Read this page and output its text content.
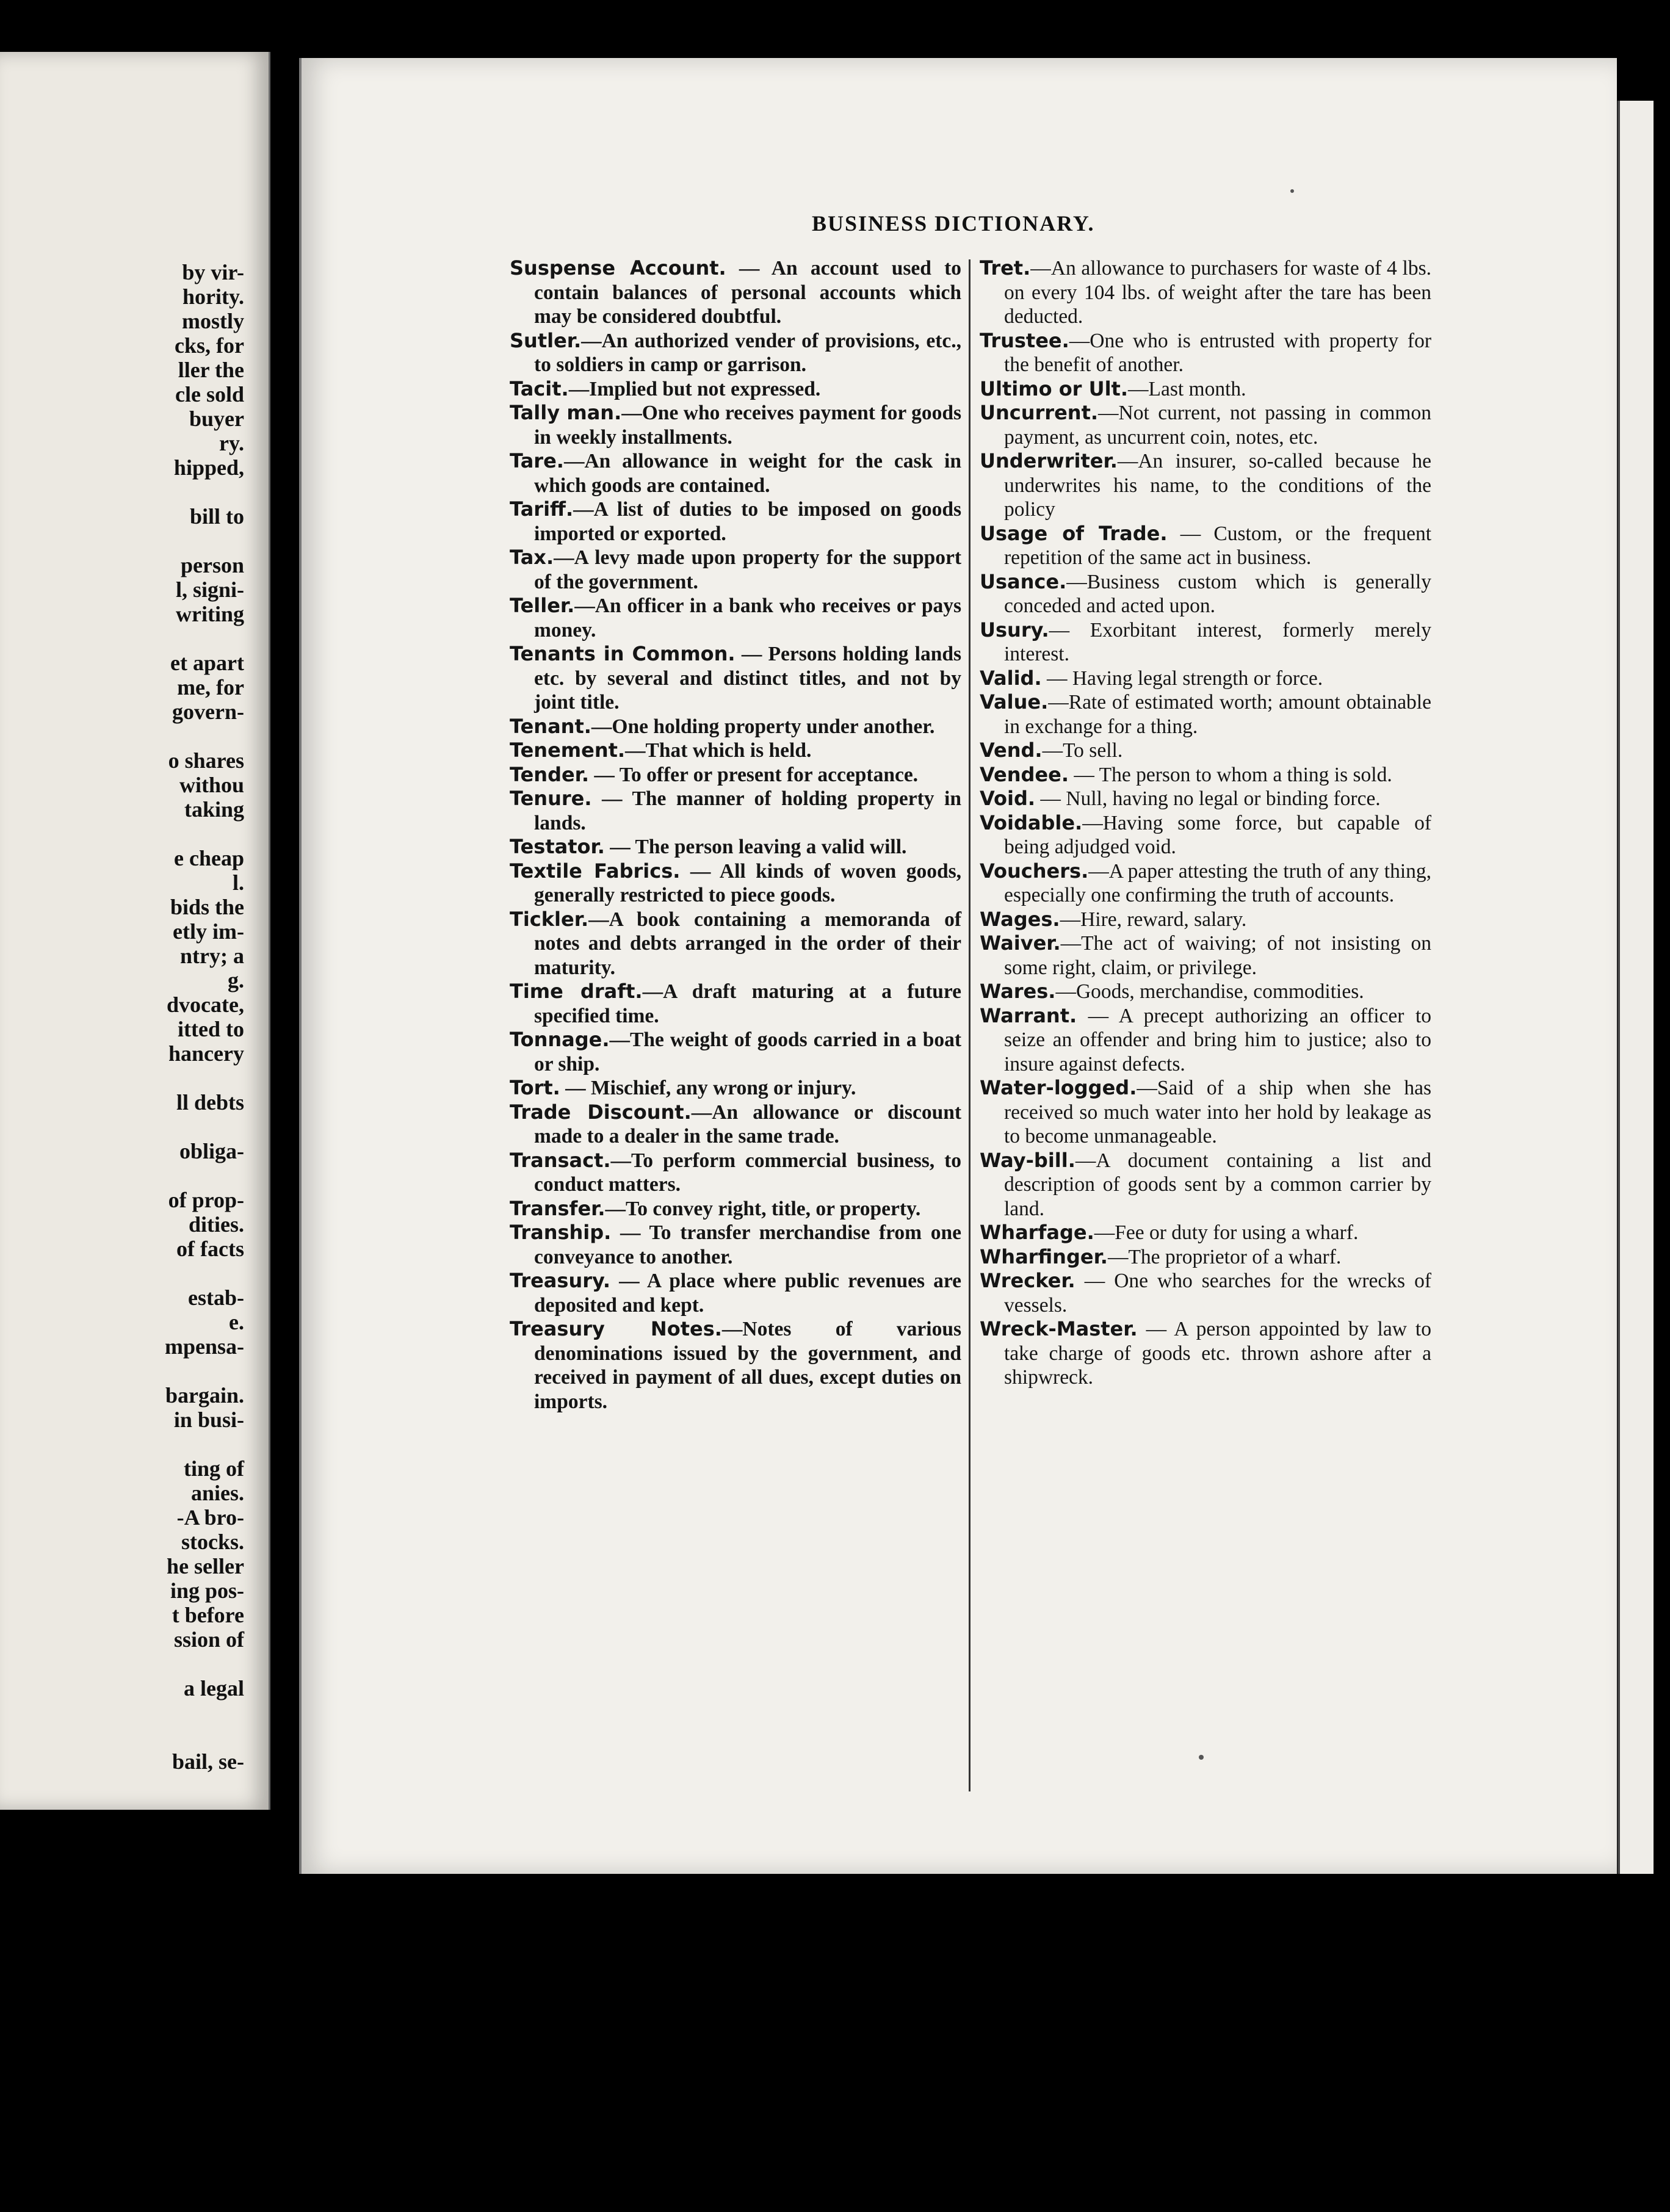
by vir-
hority.
mostly
cks, for
ller the
cle sold
buyer
ry.
hipped,
bill to
person
l, signi-
writing
et apart
me, for
govern-
o shares
withou
taking
e cheap
l.
bids the
etly im-
ntry; a
g.
dvocate,
itted to
hancery
ll debts
obliga-
of prop-
dities.
of facts
estab-
e.
mpensa-
bargain.
in busi-
ting of
anies.
-A bro-
stocks.
he seller
ing pos-
t before
ssion of
a legal
bail, se-
BUSINESS DICTIONARY.

Suspense Account. — An account used to contain balances of personal accounts which may be considered doubtful.

Sutler.—An authorized vender of provisions, etc., to soldiers in camp or garrison.

Tacit.—Implied but not expressed.

Tally man.—One who receives payment for goods in weekly installments.

Tare.—An allowance in weight for the cask in which goods are contained.

Tariff.—A list of duties to be imposed on goods imported or exported.

Tax.—A levy made upon property for the support of the government.

Teller.—An officer in a bank who receives or pays money.

Tenants in Common. — Persons holding lands etc. by several and distinct titles, and not by joint title.

Tenant.—One holding property under another.

Tenement.—That which is held.

Tender. — To offer or present for acceptance.

Tenure. — The manner of holding property in lands.

Testator. — The person leaving a valid will.

Textile Fabrics. — All kinds of woven goods, generally restricted to piece goods.

Tickler.—A book containing a memoranda of notes and debts arranged in the order of their maturity.

Time draft.—A draft maturing at a future specified time.

Tonnage.—The weight of goods carried in a boat or ship.

Tort. — Mischief, any wrong or injury.

Trade Discount.—An allowance or discount made to a dealer in the same trade.

Transact.—To perform commercial business, to conduct matters.

Transfer.—To convey right, title, or property.

Tranship. — To transfer merchandise from one conveyance to another.

Treasury. — A place where public revenues are deposited and kept.

Treasury Notes.—Notes of various denominations issued by the government, and received in payment of all dues, except duties on imports.

Tret.—An allowance to purchasers for waste of 4 lbs. on every 104 lbs. of weight after the tare has been deducted.

Trustee.—One who is entrusted with property for the benefit of another.

Ultimo or Ult.—Last month.

Uncurrent.—Not current, not passing in common payment, as uncurrent coin, notes, etc.

Underwriter.—An insurer, so-called because he underwrites his name, to the conditions of the policy

Usage of Trade. — Custom, or the frequent repetition of the same act in business.

Usance.—Business custom which is generally conceded and acted upon.

Usury.— Exorbitant interest, formerly merely interest.

Valid. — Having legal strength or force.

Value.—Rate of estimated worth; amount obtainable in exchange for a thing.

Vend.—To sell.

Vendee. — The person to whom a thing is sold.

Void. — Null, having no legal or binding force.

Voidable.—Having some force, but capable of being adjudged void.

Vouchers.—A paper attesting the truth of any thing, especially one confirming the truth of accounts.

Wages.—Hire, reward, salary.

Waiver.—The act of waiving; of not insisting on some right, claim, or privilege.

Wares.—Goods, merchandise, commodities.

Warrant. — A precept authorizing an officer to seize an offender and bring him to justice; also to insure against defects.

Water-logged.—Said of a ship when she has received so much water into her hold by leakage as to become unmanageable.

Way-bill.—A document containing a list and description of goods sent by a common carrier by land.

Wharfage.—Fee or duty for using a wharf.

Wharfinger.—The proprietor of a wharf.

Wrecker. — One who searches for the wrecks of vessels.

Wreck-Master. — A person appointed by law to take charge of goods etc. thrown ashore after a shipwreck.
